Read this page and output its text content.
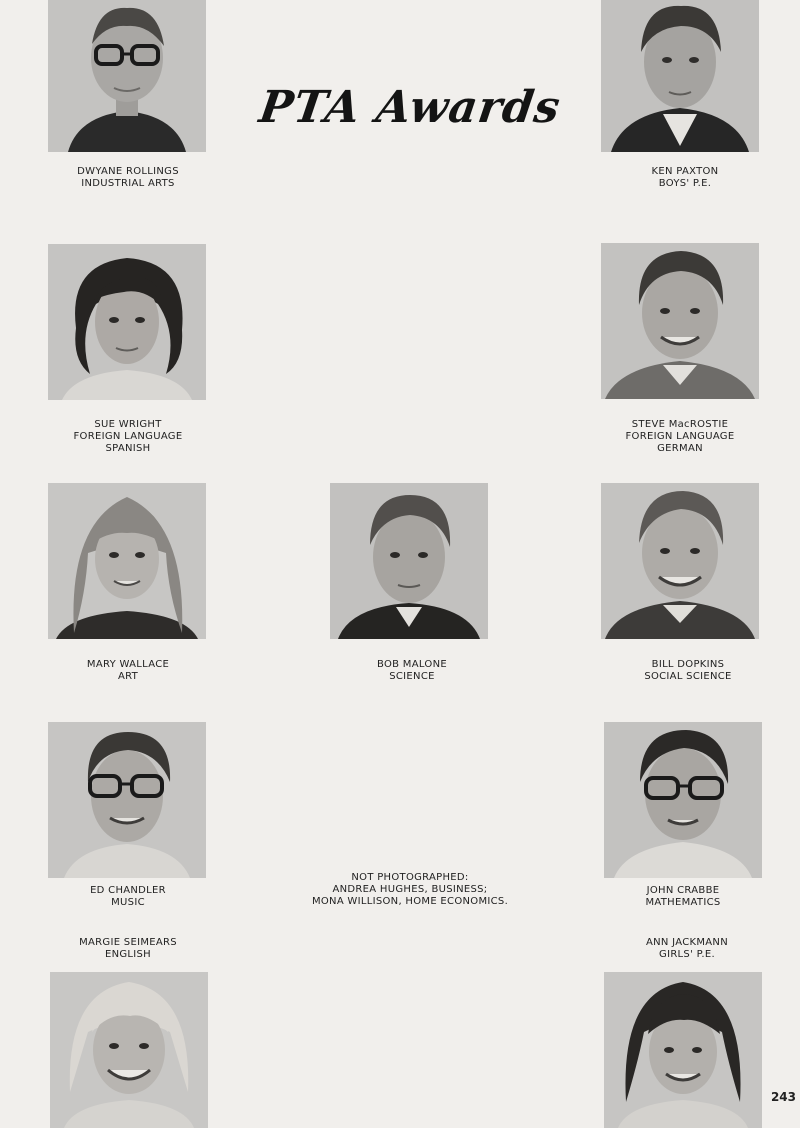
PTA Awards
DWYANE ROLLINGS
INDUSTRIAL ARTS
KEN PAXTON
BOYS' P.E.
SUE WRIGHT
FOREIGN LANGUAGE
SPANISH
STEVE MacROSTIE
FOREIGN LANGUAGE
GERMAN
MARY WALLACE
ART
BOB MALONE
SCIENCE
BILL DOPKINS
SOCIAL SCIENCE
ED CHANDLER
MUSIC
NOT PHOTOGRAPHED:
ANDREA HUGHES, BUSINESS;
MONA WILLISON, HOME ECONOMICS.
JOHN CRABBE
MATHEMATICS
MARGIE SEIMEARS
ENGLISH
ANN JACKMANN
GIRLS' P.E.
243
